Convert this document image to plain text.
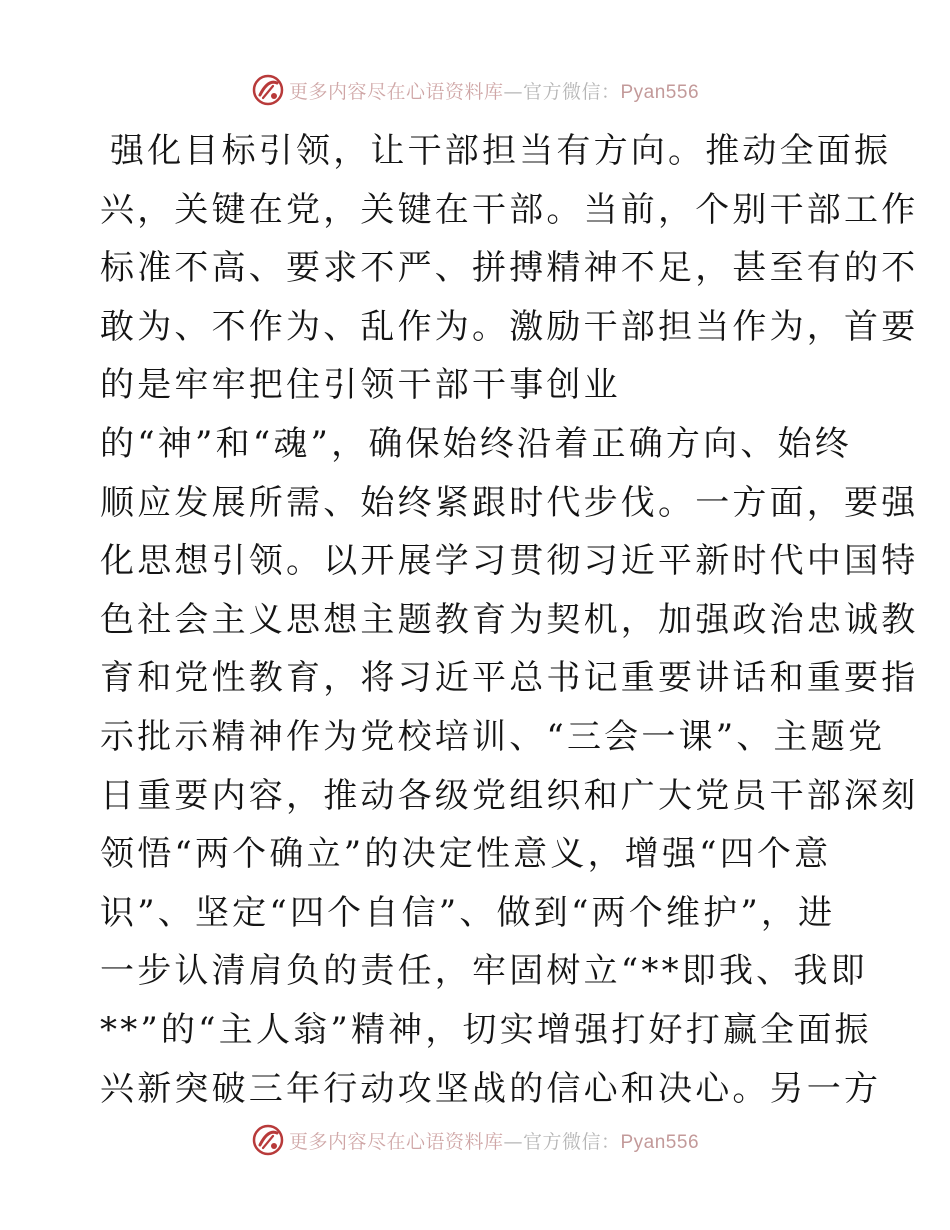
更多内容尽在心语资料库—官方微信：Pyan556
强化目标引领，让干部担当有方向。推动全面振
兴，关键在党，关键在干部。当前，个别干部工作
标准不高、要求不严、拼搏精神不足，甚至有的不
敢为、不作为、乱作为。激励干部担当作为，首要
的是牢牢把住引领干部干事创业
的“神”和“魂”，确保始终沿着正确方向、始终
顺应发展所需、始终紧跟时代步伐。一方面，要强
化思想引领。以开展学习贯彻习近平新时代中国特
色社会主义思想主题教育为契机，加强政治忠诚教
育和党性教育，将习近平总书记重要讲话和重要指
示批示精神作为党校培训、“三会一课”、主题党
日重要内容，推动各级党组织和广大党员干部深刻
领悟“两个确立”的决定性意义，增强“四个意
识”、坚定“四个自信”、做到“两个维护”，进
一步认清肩负的责任，牢固树立“**即我、我即
**”的“主人翁”精神，切实增强打好打赢全面振
兴新突破三年行动攻坚战的信心和决心。另一方
更多内容尽在心语资料库—官方微信：Pyan556
